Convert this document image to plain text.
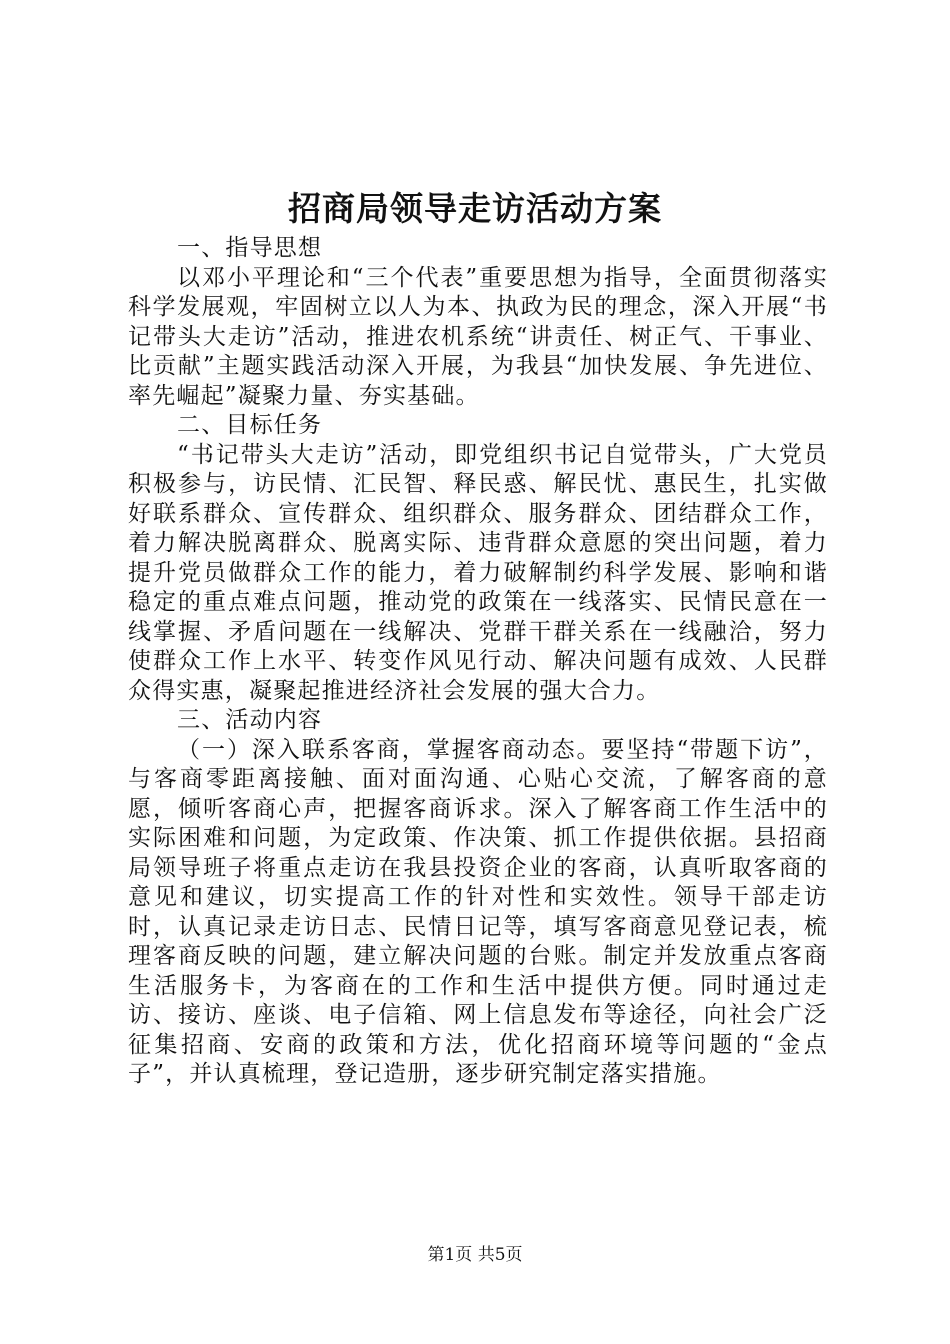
招商局领导走访活动方案

一、指导思想

以邓小平理论和“三个代表”重要思想为指导，全面贯彻落实科学发展观，牢固树立以人为本、执政为民的理念，深入开展“书记带头大走访”活动，推进农机系统“讲责任、树正气、干事业、比贡献”主题实践活动深入开展，为我县“加快发展、争先进位、率先崛起”凝聚力量、夯实基础。

二、目标任务

“书记带头大走访”活动，即党组织书记自觉带头，广大党员积极参与，访民情、汇民智、释民惑、解民忧、惠民生，扎实做好联系群众、宣传群众、组织群众、服务群众、团结群众工作，着力解决脱离群众、脱离实际、违背群众意愿的突出问题，着力提升党员做群众工作的能力，着力破解制约科学发展、影响和谐稳定的重点难点问题，推动党的政策在一线落实、民情民意在一线掌握、矛盾问题在一线解决、党群干群关系在一线融洽，努力使群众工作上水平、转变作风见行动、解决问题有成效、人民群众得实惠，凝聚起推进经济社会发展的强大合力。

三、活动内容

（一）深入联系客商，掌握客商动态。要坚持“带题下访”，与客商零距离接触、面对面沟通、心贴心交流，了解客商的意愿，倾听客商心声，把握客商诉求。深入了解客商工作生活中的实际困难和问题，为定政策、作决策、抓工作提供依据。县招商局领导班子将重点走访在我县投资企业的客商，认真听取客商的意见和建议，切实提高工作的针对性和实效性。领导干部走访时，认真记录走访日志、民情日记等，填写客商意见登记表，梳理客商反映的问题，建立解决问题的台账。制定并发放重点客商生活服务卡，为客商在的工作和生活中提供方便。同时通过走访、接访、座谈、电子信箱、网上信息发布等途径，向社会广泛征集招商、安商的政策和方法，优化招商环境等问题的“金点子”，并认真梳理，登记造册，逐步研究制定落实措施。

第1页 共5页
